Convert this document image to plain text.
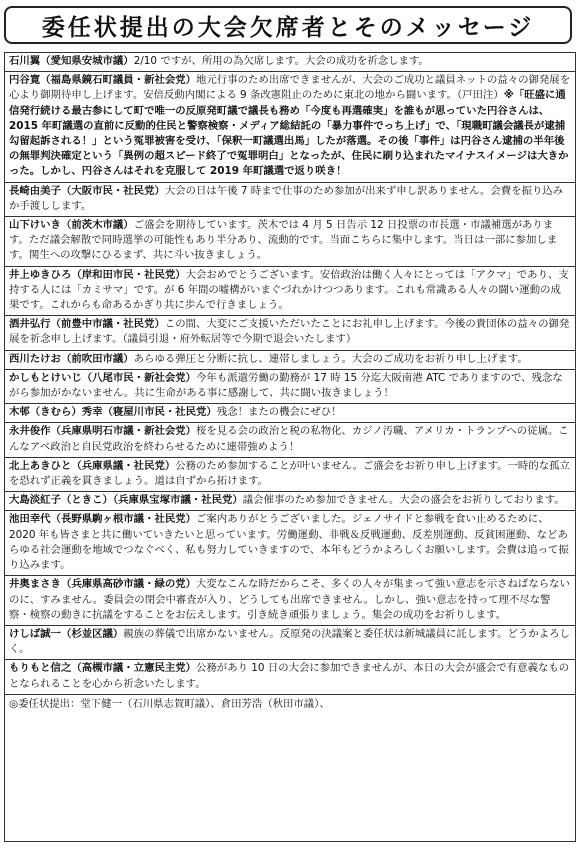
委任状提出の大会欠席者とそのメッセージ
石川翼（愛知県安城市議）2/10 ですが、所用の為欠席します。大会の成功を祈念します。
円谷寛（福島県鏡石町議員・新社会党）地元行事のため出席できませんが、大会のご成功と議員ネットの益々の御発展を心より御期待申し上げます。安倍反動内閣による 9 条改憲阻止のために東北の地から闘います。（戸田注）※「旺盛に通信発行続ける最古参にして町で唯一の反原発町議で議長も務め「今度も再選確実」を誰もが思っていた円谷さんは、2015 年町議選の直前に反動的住民と警察検察・メディア総結託の「暴力事件でっち上げ」で、「現職町議会議長が逮捕勾留起訴される！」という冤罪被害を受け、「保釈一町議選出馬」したが落選。その後「事件」は円谷さん逮捕の半年後の無罪判決確定という「異例の超スピード終了で冤罪明白」となったが、住民に刷り込まれたマイナスイメージは大きかった。しかし、円谷さんはそれを克服して 2019 年町議選で返り咲き！
長崎由美子（大阪市民・社民党）大会の日は午後 7 時まで仕事のため参加が出来ず申し訳ありません。会費を振り込みか手渡しします。
山下けいき（前茨木市議）ご盛会を期待しています。茨木では 4 月 5 日告示 12 日投票の市長選・市議補選があります。ただ議会解散で同時選挙の可能性もあり半分あり、流動的です。当面こちらに集中します。当日は一部に参加します。関生への攻撃にひるまず、共に斗い抜きましょう。
井上ゆきひろ（岸和田市民・社民党）大会おめでとうございます。安倍政治は働く人々にとっては「アクマ」であり、支持する人には「カミサマ」です。が 6 年間の嘘構がいまぐづれかけつつあります。これも常識ある人々の闘い運動の成果です。これからも命あるかぎり共に歩んで行きましょう。
酒井弘行（前豊中市議・社民党）この間、大変にご支援いただいたことにお礼申し上げます。今後の貴団体の益々の御発展を祈念申し上げます。（議員引退・府外転居等で今期で退会いたします）
西川たけお（前吹田市議）あらゆる弾圧と分断に抗し、連帯しましょう。大会のご成功をお祈り申し上げます。
かしもとけいじ（八尾市民・新社会党）今年も派遣労働の勤務が 17 時 15 分迄大阪南港 ATC でありますので、残念ながら参加がかないません。共に生命がある事に感謝して、共に闘い抜きましょう！
木邨（きむら）秀幸（寝屋川市民・社民党）残念！またの機会にぜひ！
永井俊作（兵庫県明石市議・新社会党）桜を見る会の政治と税の私物化、カジノ汚職、アメリカ・トランプへの従属。こんなアベ政治と自民党政治を終わらせるために連帯強めよう！
北上あきひと（兵庫県議・社民党）公務のため参加することが叶いません。ご盛会をお祈り申し上げます。一時的な孤立を恐れず正義を貫きましょう。道は自ずから拓けます。
大島淡紅子（ときこ）（兵庫県宝塚市議・社民党）議会催事のため参加できません。大会の盛会をお祈りしております。
池田幸代（長野県駒ヶ根市議・社民党）ご案内ありがとうございました。ジェノサイドと参戦を食い止めるために、2020 年も皆さまと共に働いていきたいと思っています。労働運動、非戦＆反戦運動、反差別運動、反貧困運動、などあらゆる社会運動を地域でつなぐべく、私も努力していきますので、本年もどうかよろしくお願いします。会費は追って振り込みます。
井奥まさき（兵庫県高砂市議・緑の党）大変なこんな時だからこそ、多くの人々が集まって強い意志を示さねばならないのに、すみません。委員会の閉会中審査が入り、どうしても出席できません。しかし、強い意志を持って理不尽な警察・検察の動きに抗議をすることをお伝えします。引き続き頑張りましょう。集会の成功をお祈りします。
けしば誠一（杉並区議）親族の葬儀で出席かないません。反原発の決議案と委任状は新城議員に託します。どうかよろしく。
もりもと信之（高槻市議・立憲民主党）公務があり 10 日の大会に参加できませんが、本日の大会が盛会で有意義なものとなられることを心から祈念いたします。
◎委任状提出：堂下健一（石川県志賀町議）、倉田芳浩（秋田市議）、
